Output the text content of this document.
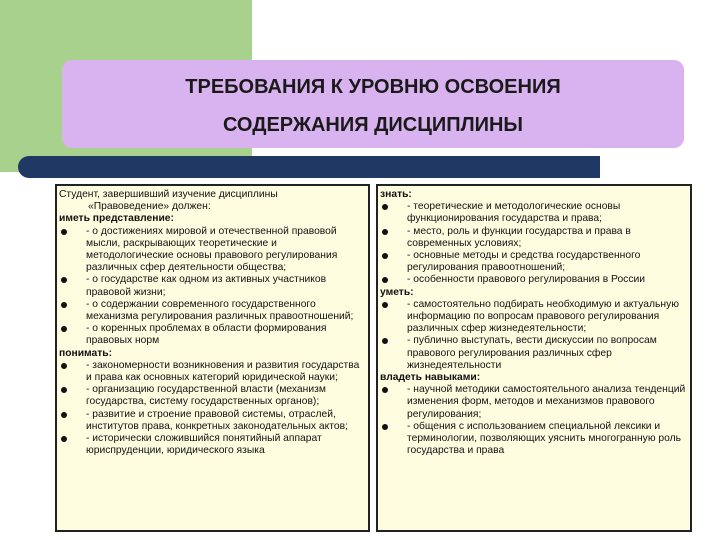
ТРЕБОВАНИЯ К УРОВНЮ ОСВОЕНИЯ
СОДЕРЖАНИЯ ДИСЦИПЛИНЫ

Студент, завершивший изучение дисциплины

«Правоведение» должен:

иметь представление:

- о достижениях мировой и отечественной правовой мысли, раскрывающих теоретические и методологические основы правового регулирования различных сфер деятельности общества;
- о государстве как одном из активных участников правовой жизни;
- о содержании современного государственного механизма регулирования различных правоотношений;
- о коренных проблемах в области формирования правовых норм

понимать:

- закономерности возникновения и развития государства и права как основных категорий юридической науки;
- организацию государственной власти (механизм государства, систему государственных органов);
- развитие и строение правовой системы, отраслей, институтов права, конкретных законодательных актов;
- исторически сложившийся понятийный аппарат юриспруденции, юридического языка

знать:

- теоретические и методологические основы функционирования государства и права;
- место, роль и функции государства и права в современных условиях;
- основные методы и средства государственного регулирования правоотношений;
- особенности правового регулирования в России

уметь:

- самостоятельно подбирать необходимую и актуальную информацию по вопросам правового регулирования различных сфер жизнедеятельности;
- публично выступать, вести дискуссии по вопросам правового регулирования различных сфер жизнедеятельности

владеть навыками:

- научной методики самостоятельного анализа тенденций изменения форм, методов и механизмов правового регулирования;
- общения с использованием специальной лексики и терминологии, позволяющих уяснить многогранную роль государства и права
